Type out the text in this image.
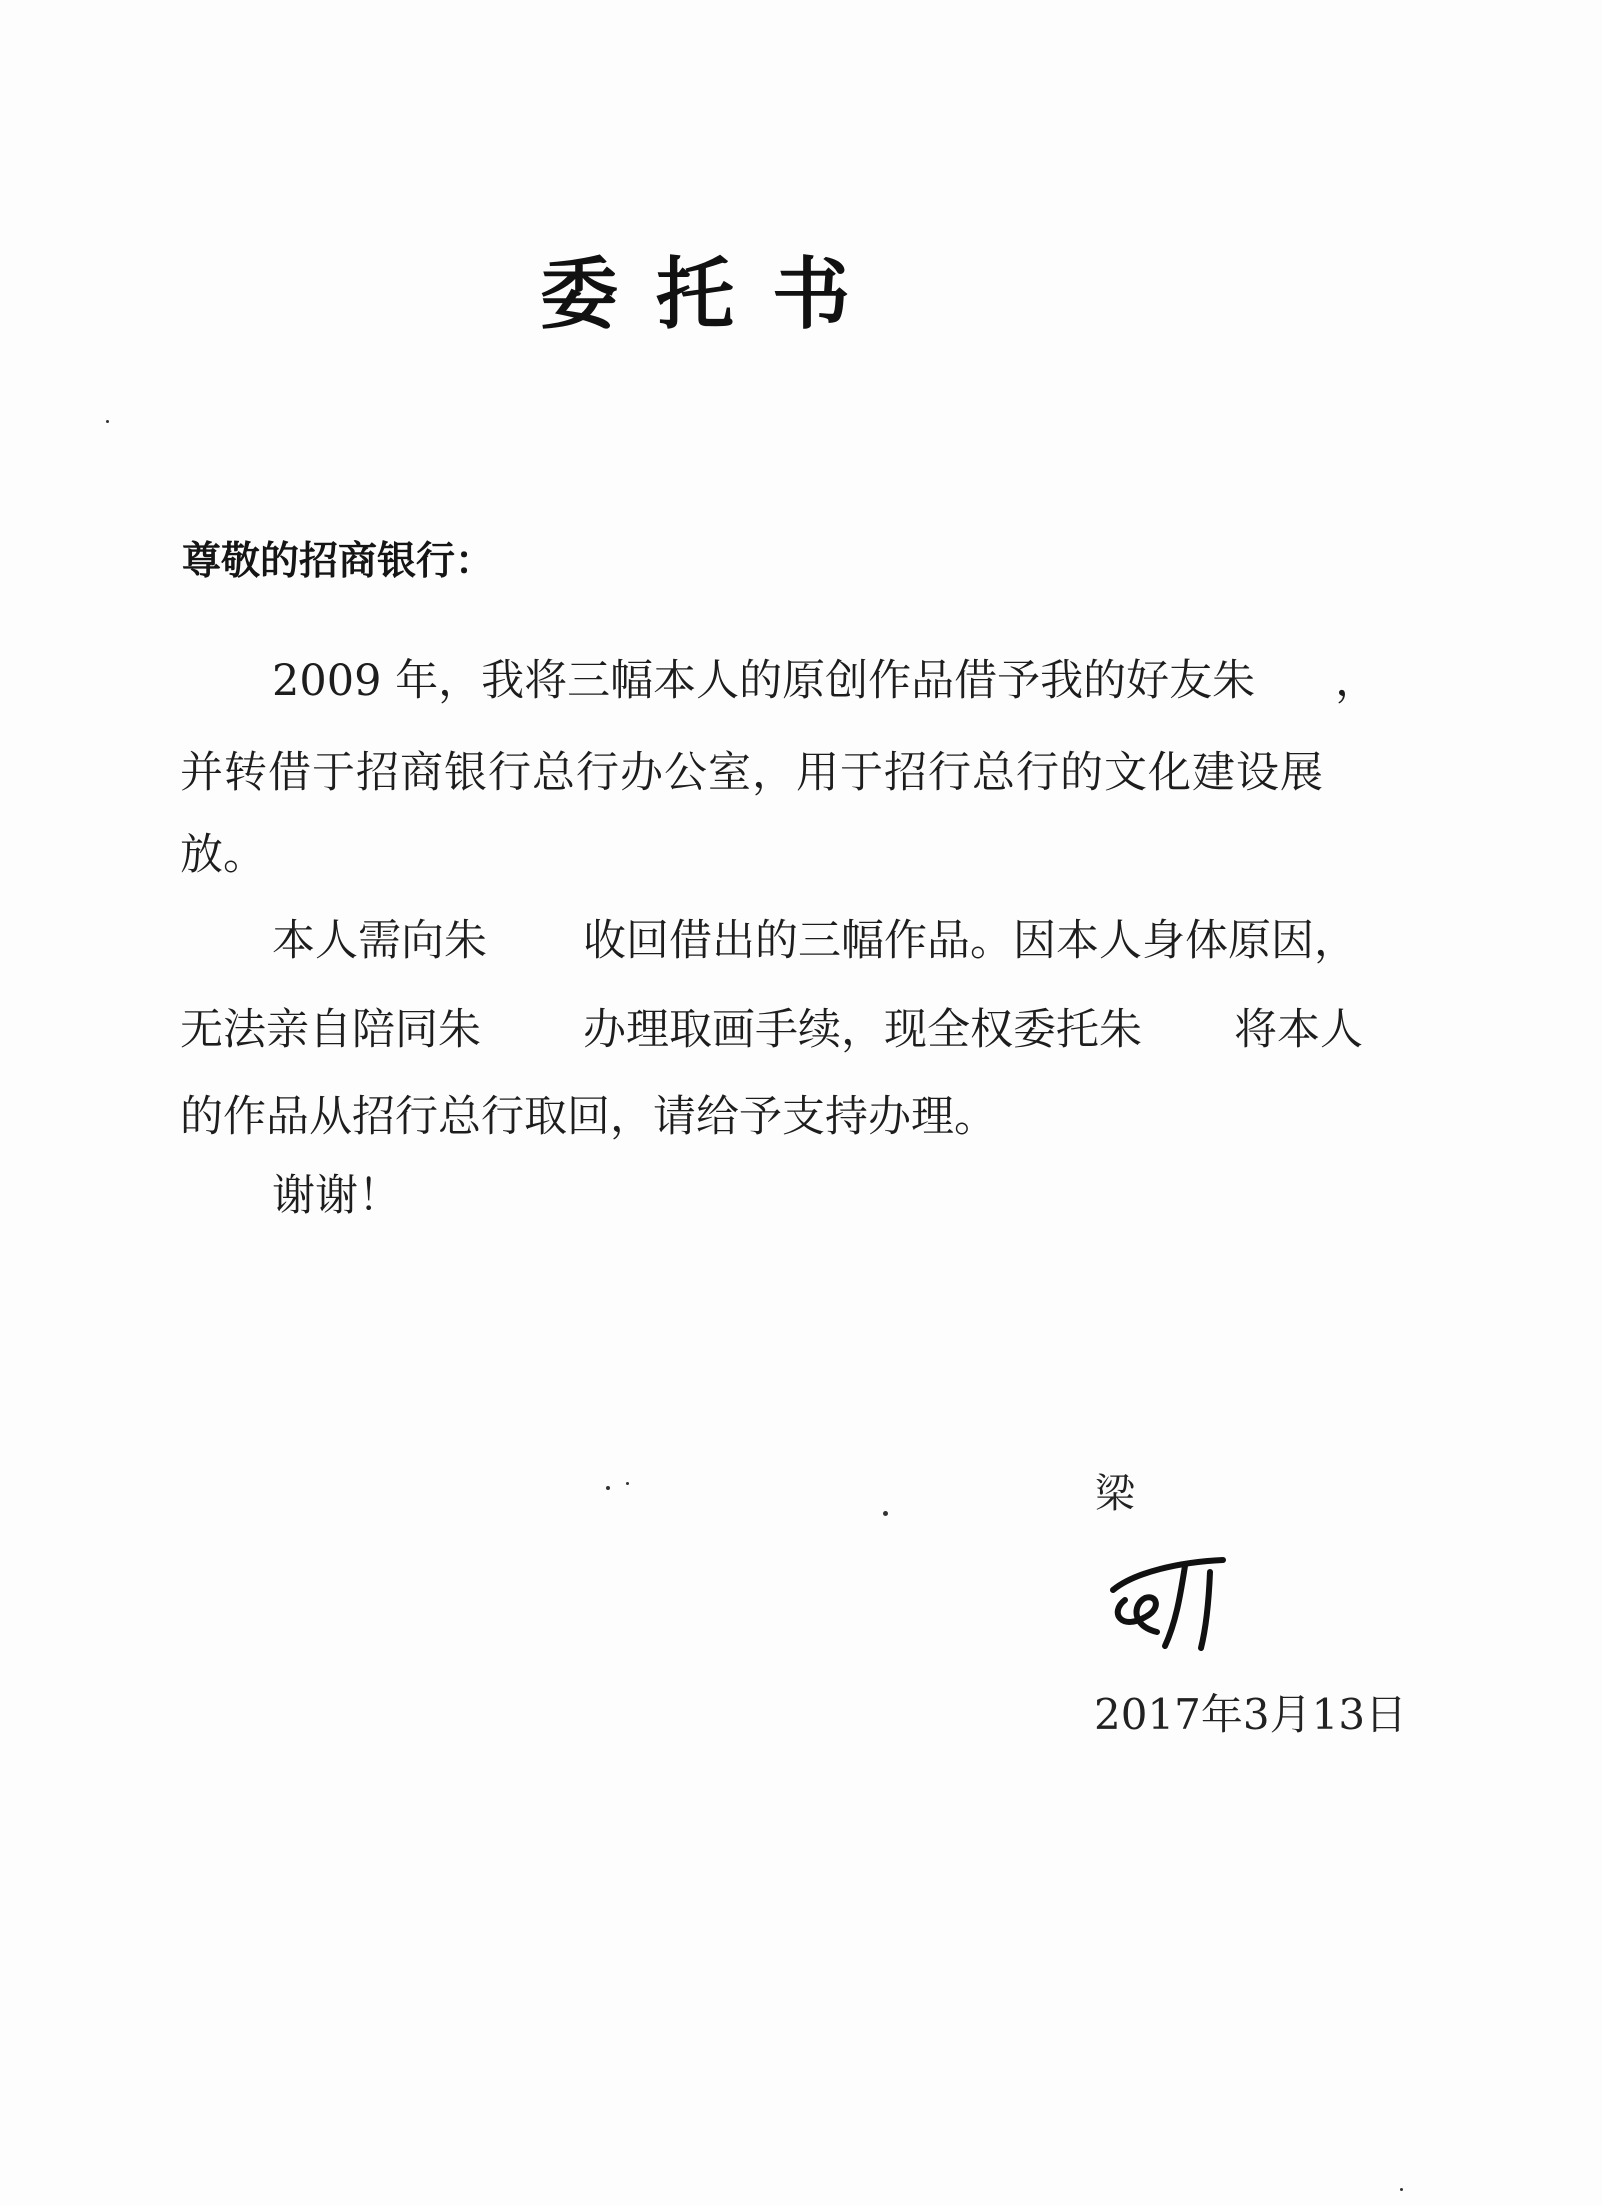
委托书
尊敬的招商银行：
2009 年，我将三幅本人的原创作品借予我的好友朱 ，
并转借于招商银行总行办公室，用于招行总行的文化建设展
放。
本人需向朱 收回借出的三幅作品。因本人身体原因，
无法亲自陪同朱 办理取画手续，现全权委托朱 将本人
的作品从招行总行取回，请给予支持办理。
谢谢！
梁
2017年3月13日
